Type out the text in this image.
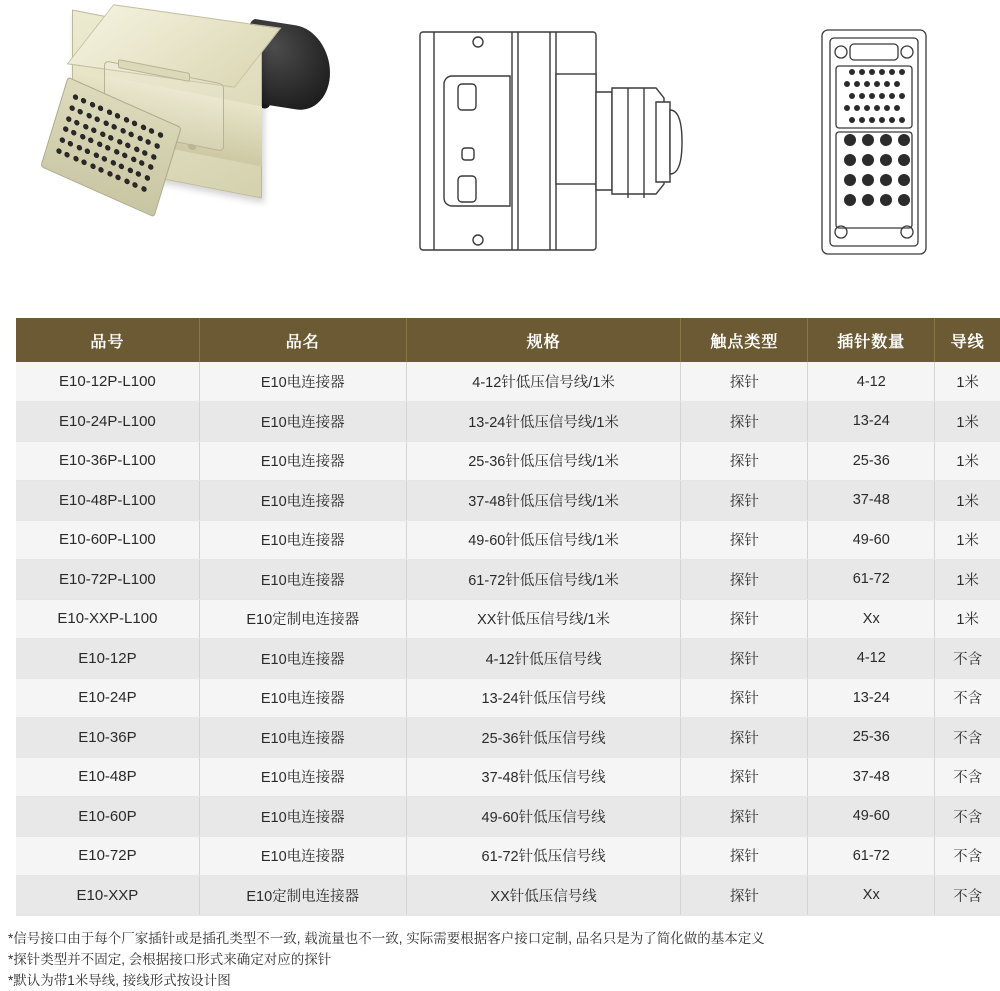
品号	品名	规格	触点类型	插针数量	导线
E10-12P-L100	E10电连接器	4-12针低压信号线/1米	探针	4-12	1米
E10-24P-L100	E10电连接器	13-24针低压信号线/1米	探针	13-24	1米
E10-36P-L100	E10电连接器	25-36针低压信号线/1米	探针	25-36	1米
E10-48P-L100	E10电连接器	37-48针低压信号线/1米	探针	37-48	1米
E10-60P-L100	E10电连接器	49-60针低压信号线/1米	探针	49-60	1米
E10-72P-L100	E10电连接器	61-72针低压信号线/1米	探针	61-72	1米
E10-XXP-L100	E10定制电连接器	XX针低压信号线/1米	探针	Xx	1米
E10-12P	E10电连接器	4-12针低压信号线	探针	4-12	不含
E10-24P	E10电连接器	13-24针低压信号线	探针	13-24	不含
E10-36P	E10电连接器	25-36针低压信号线	探针	25-36	不含
E10-48P	E10电连接器	37-48针低压信号线	探针	37-48	不含
E10-60P	E10电连接器	49-60针低压信号线	探针	49-60	不含
E10-72P	E10电连接器	61-72针低压信号线	探针	61-72	不含
E10-XXP	E10定制电连接器	XX针低压信号线	探针	Xx	不含
*信号接口由于每个厂家插针或是插孔类型不一致, 载流量也不一致, 实际需要根据客户接口定制, 品名只是为了简化做的基本定义
*探针类型并不固定, 会根据接口形式来确定对应的探针
*默认为带1米导线, 接线形式按设计图
